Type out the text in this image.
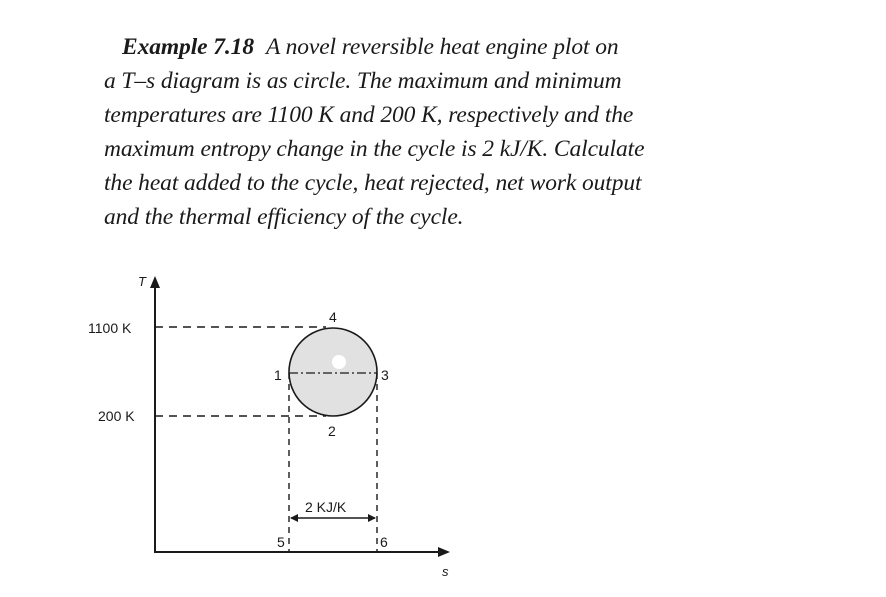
Example 7.18 A novel reversible heat engine plot on
a T–s diagram is as circle. The maximum and minimum
temperatures are 1100 K and 200 K, respectively and the
maximum entropy change in the cycle is 2 kJ/K. Calculate
the heat added to the cycle, heat rejected, net work output
and the thermal efficiency of the cycle.
T
s
1100 K
200 K
1
2
3
4
5	6
2 KJ/K
